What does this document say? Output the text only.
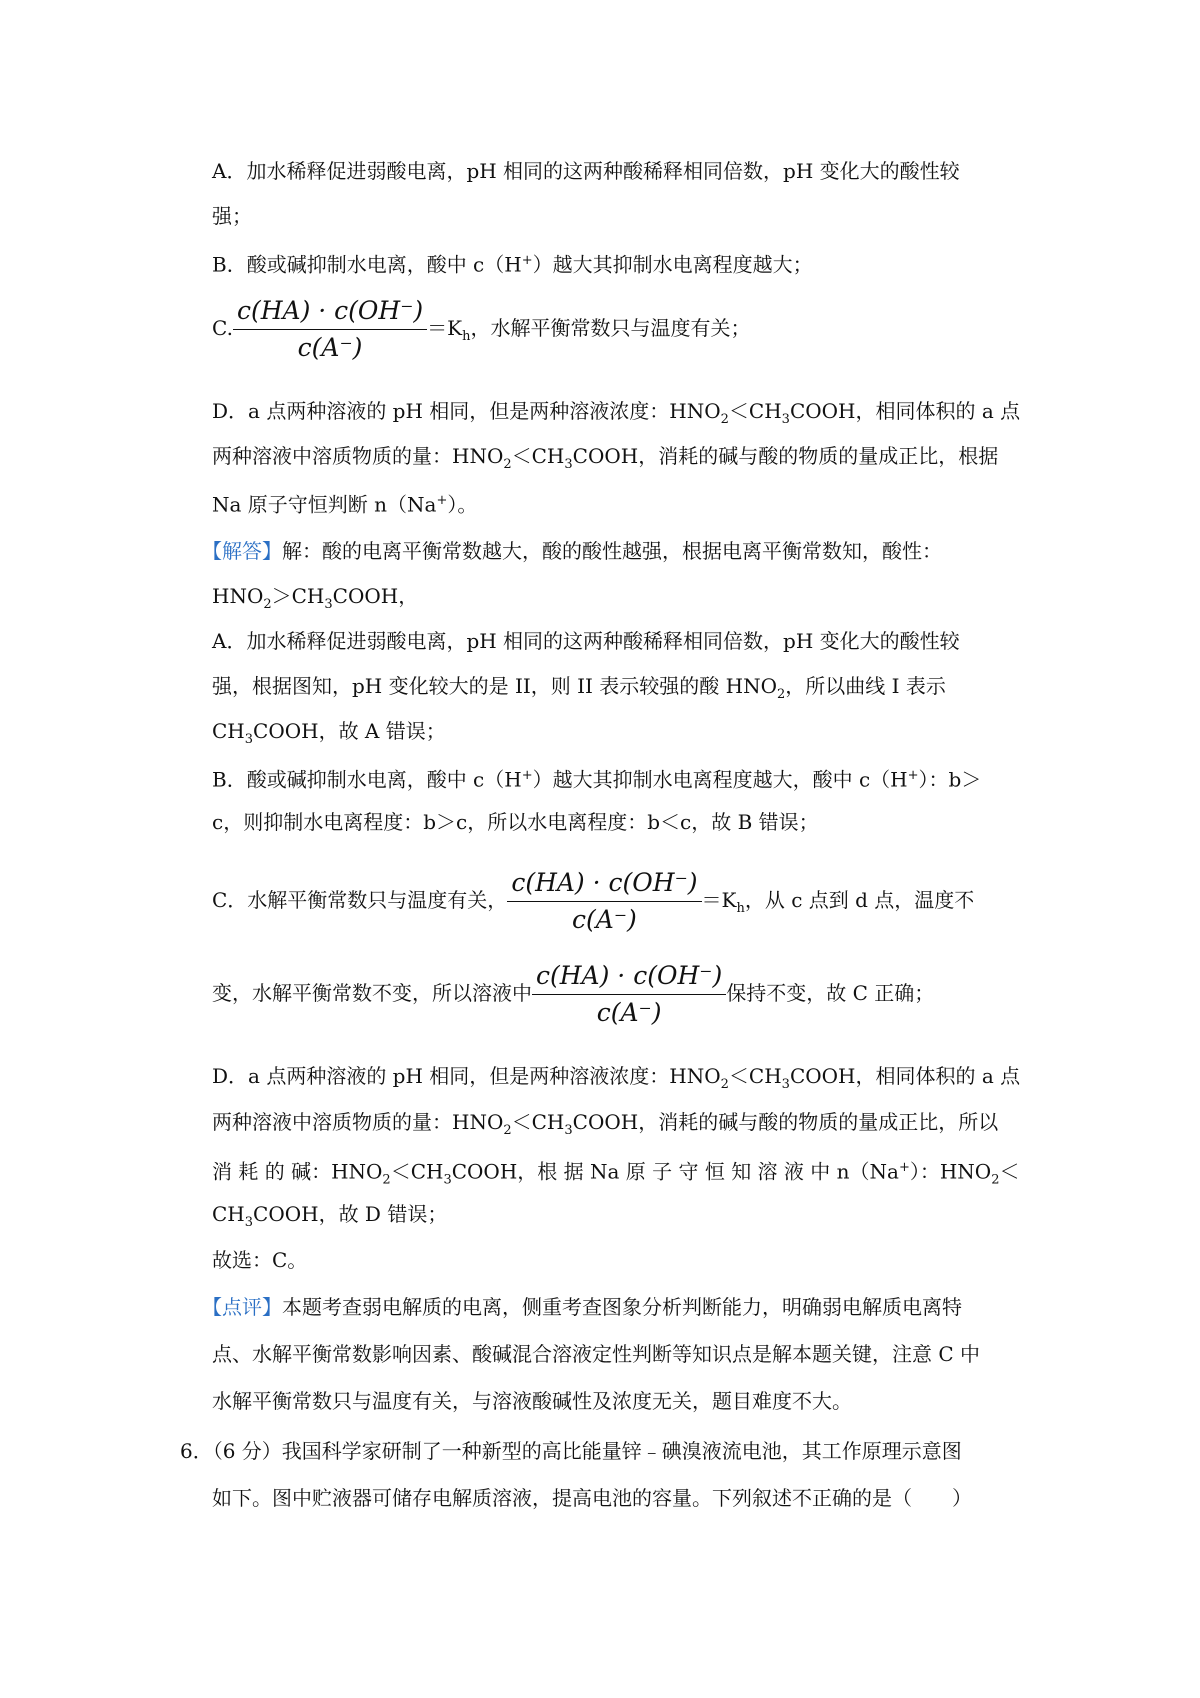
A．加水稀释促进弱酸电离，pH 相同的这两种酸稀释相同倍数，pH 变化大的酸性较
强；
B．酸或碱抑制水电离，酸中 c（H+）越大其抑制水电离程度越大；
C. $\frac{c(HA) \cdot c(OH^-)}{c(A^-)} =K_h$，水解平衡常数只与温度有关；
D．a 点两种溶液的 pH 相同，但是两种溶液浓度：$HNO_2<CH_3COOH$，相同体积的 a 点
两种溶液中溶质物质的量：$HNO_2<CH_3COOH$，消耗的碱与酸的物质的量成正比，根据
Na 原子守恒判断 n（Na+）。
【解答】解：酸的电离平衡常数越大，酸的酸性越强，根据电离平衡常数知，酸性：
$HNO_2>CH_3COOH$，
A．加水稀释促进弱酸电离，pH 相同的这两种酸稀释相同倍数，pH 变化大的酸性较
强，根据图知，pH 变化较大的是 II，则 II 表示较强的酸 $HNO_2$，所以曲线 I 表示
$CH_3COOH$，故 A 错误；
B．酸或碱抑制水电离，酸中 c（H+）越大其抑制水电离程度越大，酸中 c（H+）：b＞
c，则抑制水电离程度：b＞c，所以水电离程度：b＜c，故 B 错误；
C．水解平衡常数只与温度有关， $\frac{c(HA) \cdot c(OH^-)}{c(A^-)} =K_h$，从 c 点到 d 点，温度不
变，水解平衡常数不变，所以溶液中 $\frac{c(HA) \cdot c(OH^-)}{c(A^-)}$ 保持不变，故 C 正确；
D．a 点两种溶液的 pH 相同，但是两种溶液浓度：$HNO_2<CH_3COOH$，相同体积的 a 点
两种溶液中溶质物质的量：$HNO_2<CH_3COOH$，消耗的碱与酸的物质的量成正比，所以
消 耗 的 碱：$HNO_2<CH_3COOH$，根 据 Na 原 子 守 恒 知 溶 液 中 n（Na+）：$HNO_2<$
$CH_3COOH$，故 D 错误；
故选：C。
【点评】本题考查弱电解质的电离，侧重考查图象分析判断能力，明确弱电解质电离特
点、水解平衡常数影响因素、酸碱混合溶液定性判断等知识点是解本题关键，注意 C 中
水解平衡常数只与温度有关，与溶液酸碱性及浓度无关，题目难度不大。
6．（6 分）我国科学家研制了一种新型的高比能量锌﹣碘溴液流电池，其工作原理示意图
如下。图中贮液器可储存电解质溶液，提高电池的容量。下列叙述不正确的是（　　）
